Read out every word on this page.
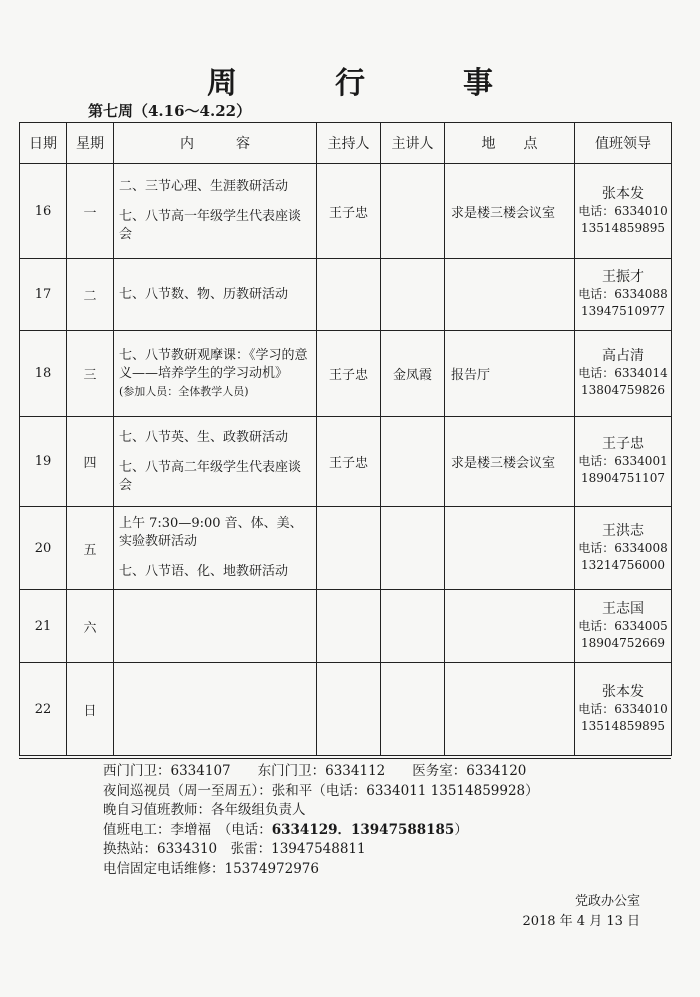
周　行　事
第七周（4.16～4.22）
日期	星期	内　　　容	主持人	主讲人	地　　点	值班领导
16	一	二、三节心理、生涯教研活动
七、八节高一年级学生代表座谈会	王子忠		求是楼三楼会议室	张本发
电话：6334010
13514859895

17	二	七、八节数、物、历教研活动				王振才
电话：6334088
13947510977

18	三	七、八节教研观摩课：《学习的意义——培养学生的学习动机》
(参加人员：全体教学人员)	王子忠	金凤霞	报告厅	高占清
电话：6334014
13804759826

19	四	七、八节英、生、政教研活动
七、八节高二年级学生代表座谈会	王子忠		求是楼三楼会议室	王子忠
电话：6334001
18904751107

20	五	上午 7:30—9:00 音、体、美、实验教研活动
七、八节语、化、地教研活动				王洪志
电话：6334008
13214756000

21	六					王志国
电话：6334005
18904752669

22	日					张本发
电话：6334010
13514859895
西门门卫：6334107　　东门门卫：6334112　　医务室：6334120
夜间巡视员（周一至周五）：张和平（电话：6334011 13514859928）
晚自习值班教师：各年级组负责人
值班电工：李增福　（电话：6334129．13947588185）
换热站：6334310　张雷：13947548811
电信固定电话维修：15374972976
党政办公室
2018 年 4 月 13 日
